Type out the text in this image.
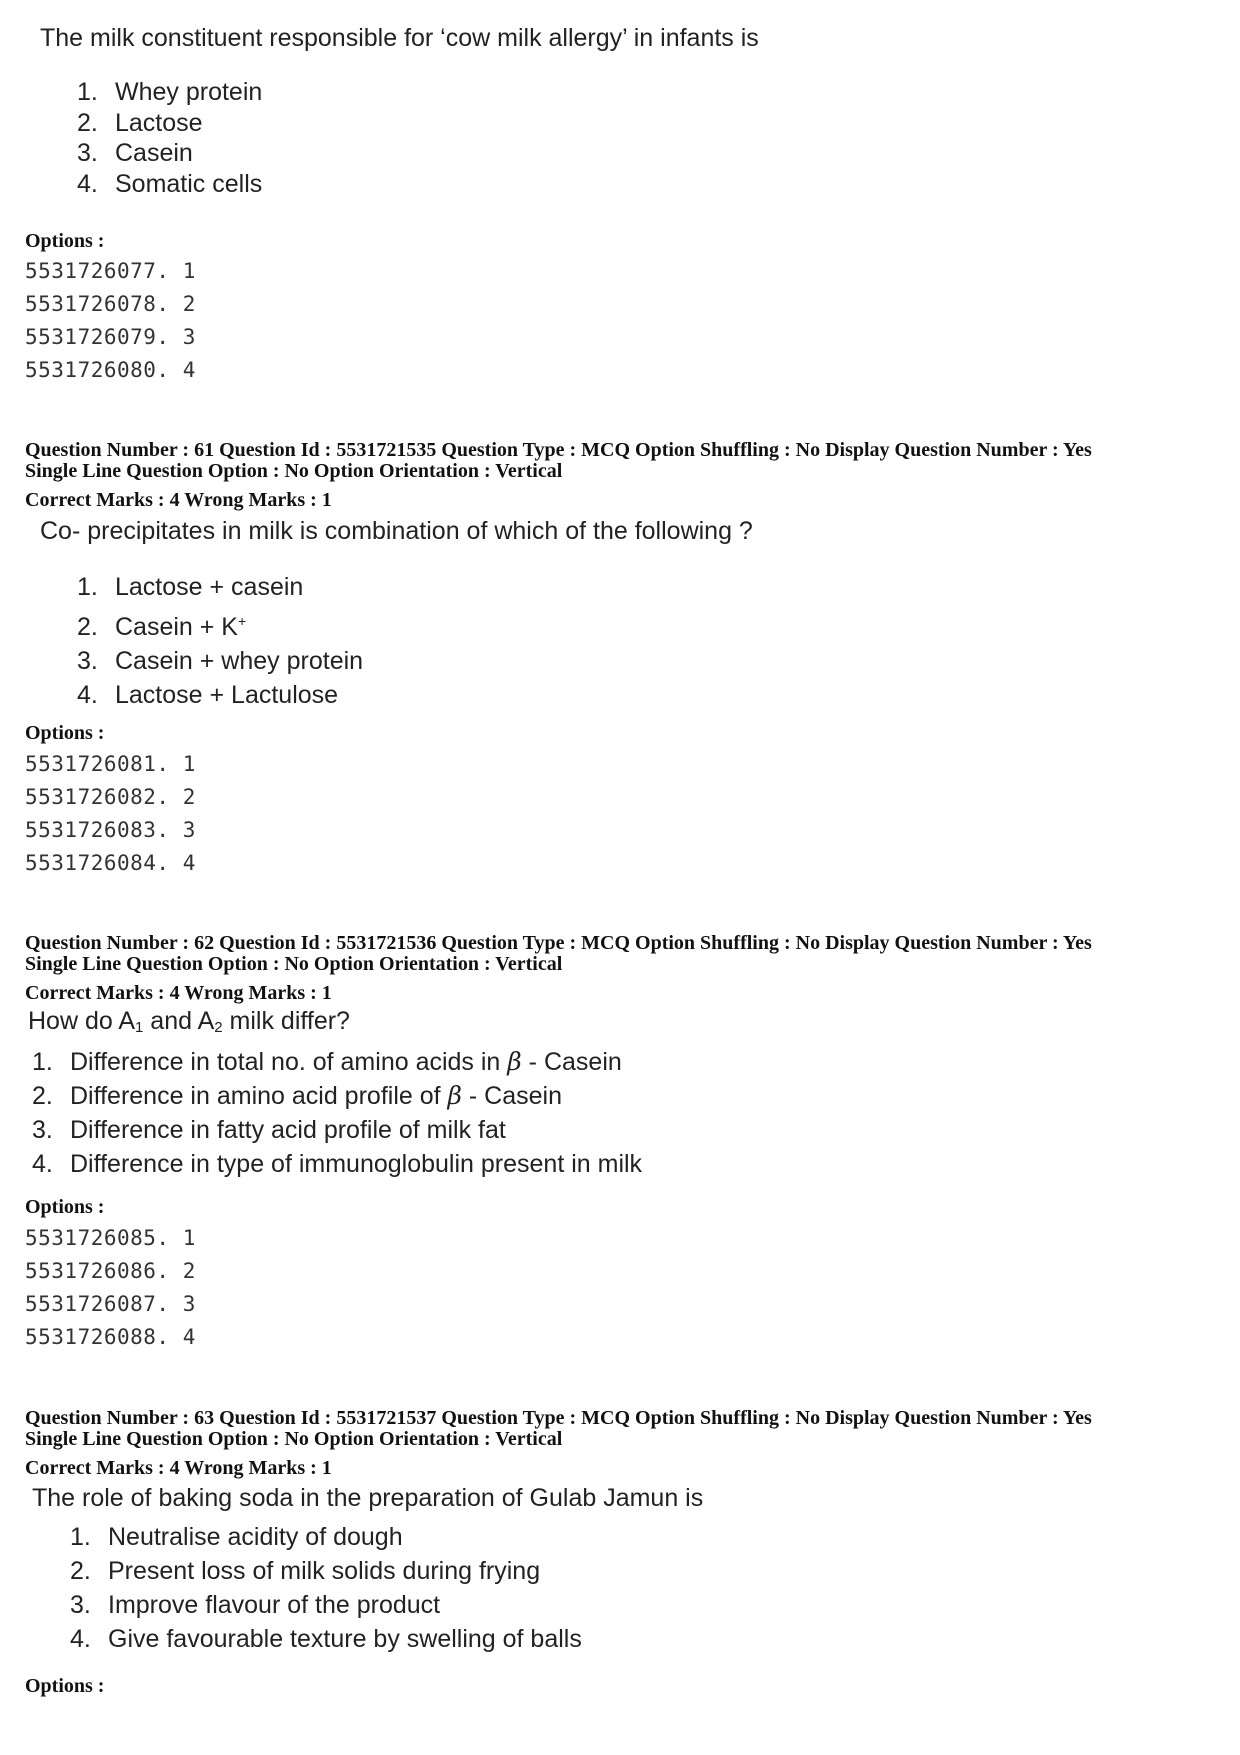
The milk constituent responsible for ‘cow milk allergy’ in infants is
1. Whey protein
2. Lactose
3. Casein
4. Somatic cells
Options :
5531726077. 1
5531726078. 2
5531726079. 3
5531726080. 4
Question Number : 61 Question Id : 5531721535 Question Type : MCQ Option Shuffling : No Display Question Number : Yes
Single Line Question Option : No Option Orientation : Vertical
Correct Marks : 4 Wrong Marks : 1
Co- precipitates in milk is combination of which of the following ?
1. Lactose + casein
2. Casein + K+
3. Casein + whey protein
4. Lactose + Lactulose
Options :
5531726081. 1
5531726082. 2
5531726083. 3
5531726084. 4
Question Number : 62 Question Id : 5531721536 Question Type : MCQ Option Shuffling : No Display Question Number : Yes
Single Line Question Option : No Option Orientation : Vertical
Correct Marks : 4 Wrong Marks : 1
How do $A_1$ and $A_2$ milk differ?
1. Difference in total no. of amino acids in β - Casein
2. Difference in amino acid profile of β - Casein
3. Difference in fatty acid profile of milk fat
4. Difference in type of immunoglobulin present in milk
Options :
5531726085. 1
5531726086. 2
5531726087. 3
5531726088. 4
Question Number : 63 Question Id : 5531721537 Question Type : MCQ Option Shuffling : No Display Question Number : Yes
Single Line Question Option : No Option Orientation : Vertical
Correct Marks : 4 Wrong Marks : 1
The role of baking soda in the preparation of Gulab Jamun is
1. Neutralise acidity of dough
2. Present loss of milk solids during frying
3. Improve flavour of the product
4. Give favourable texture by swelling of balls
Options :
